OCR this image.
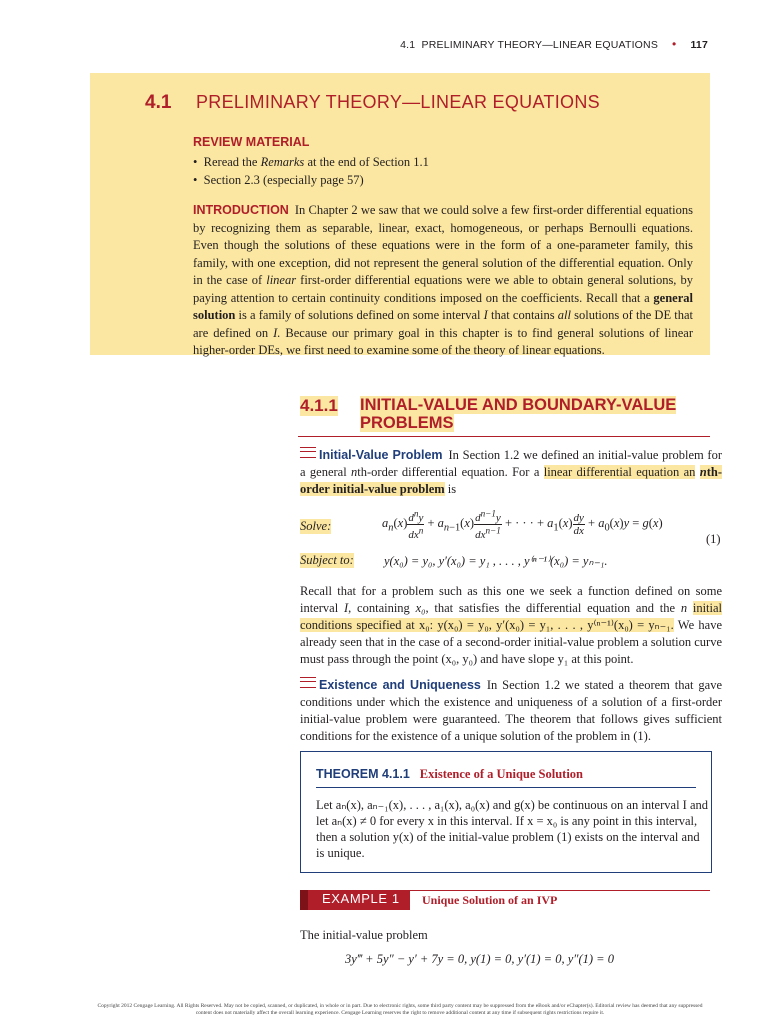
4.1 PRELIMINARY THEORY—LINEAR EQUATIONS • 117
4.1 PRELIMINARY THEORY—LINEAR EQUATIONS
REVIEW MATERIAL
•  Reread the Remarks at the end of Section 1.1
•  Section 2.3 (especially page 57)
INTRODUCTION In Chapter 2 we saw that we could solve a few first-order differential equations by recognizing them as separable, linear, exact, homogeneous, or perhaps Bernoulli equations. Even though the solutions of these equations were in the form of a one-parameter family, this family, with one exception, did not represent the general solution of the differential equation. Only in the case of linear first-order differential equations were we able to obtain general solutions, by paying attention to certain continuity conditions imposed on the coefficients. Recall that a general solution is a family of solutions defined on some interval I that contains all solutions of the DE that are defined on I. Because our primary goal in this chapter is to find general solutions of linear higher-order DEs, we first need to examine some of the theory of linear equations.
4.1.1 INITIAL-VALUE AND BOUNDARY-VALUE PROBLEMS
Initial-Value Problem In Section 1.2 we defined an initial-value problem for a general nth-order differential equation. For a linear differential equation an nth-order initial-value problem is
Solve:	$a_n(x) \frac{d^ny}{dx^n} + a_{n-1}(x) \frac{d^{n-1}y}{dx^{n-1}}$ + · · · + $a_1(x) \frac{dy}{dx} + a_0(x)y = g(x)$
(1)
Subject to: y(x₀) = y₀, y′(x₀) = y₁ , . . . , y⁽ⁿ⁻¹⁾(x₀) = yₙ₋₁.
Recall that for a problem such as this one we seek a function defined on some interval I, containing x₀, that satisfies the differential equation and the n initial conditions specified at x₀: y(x₀) = y₀, y′(x₀) = y₁, . . . , y⁽ⁿ⁻¹⁾(x₀) = yₙ₋₁. We have already seen that in the case of a second-order initial-value problem a solution curve must pass through the point (x₀, y₀) and have slope y₁ at this point.
Existence and Uniqueness In Section 1.2 we stated a theorem that gave conditions under which the existence and uniqueness of a solution of a first-order initial-value problem were guaranteed. The theorem that follows gives sufficient conditions for the existence of a unique solution of the problem in (1).
THEOREM 4.1.1 Existence of a Unique Solution
Let aₙ(x), aₙ₋₁(x), . . . , a₁(x), a₀(x) and g(x) be continuous on an interval I and let aₙ(x) ≠ 0 for every x in this interval. If x = x₀ is any point in this interval, then a solution y(x) of the initial-value problem (1) exists on the interval and is unique.
EXAMPLE 1 Unique Solution of an IVP
The initial-value problem
3y‴ + 5y″ − y′ + 7y = 0, y(1) = 0, y′(1) = 0, y″(1) = 0
Copyright 2012 Cengage Learning. All Rights Reserved. May not be copied, scanned, or duplicated, in whole or in part. Due to electronic rights, some third party content may be suppressed from the eBook and/or eChapter(s). Editorial review has deemed that any suppressed content does not materially affect the overall learning experience. Cengage Learning reserves the right to remove additional content at any time if subsequent rights restrictions require it.
